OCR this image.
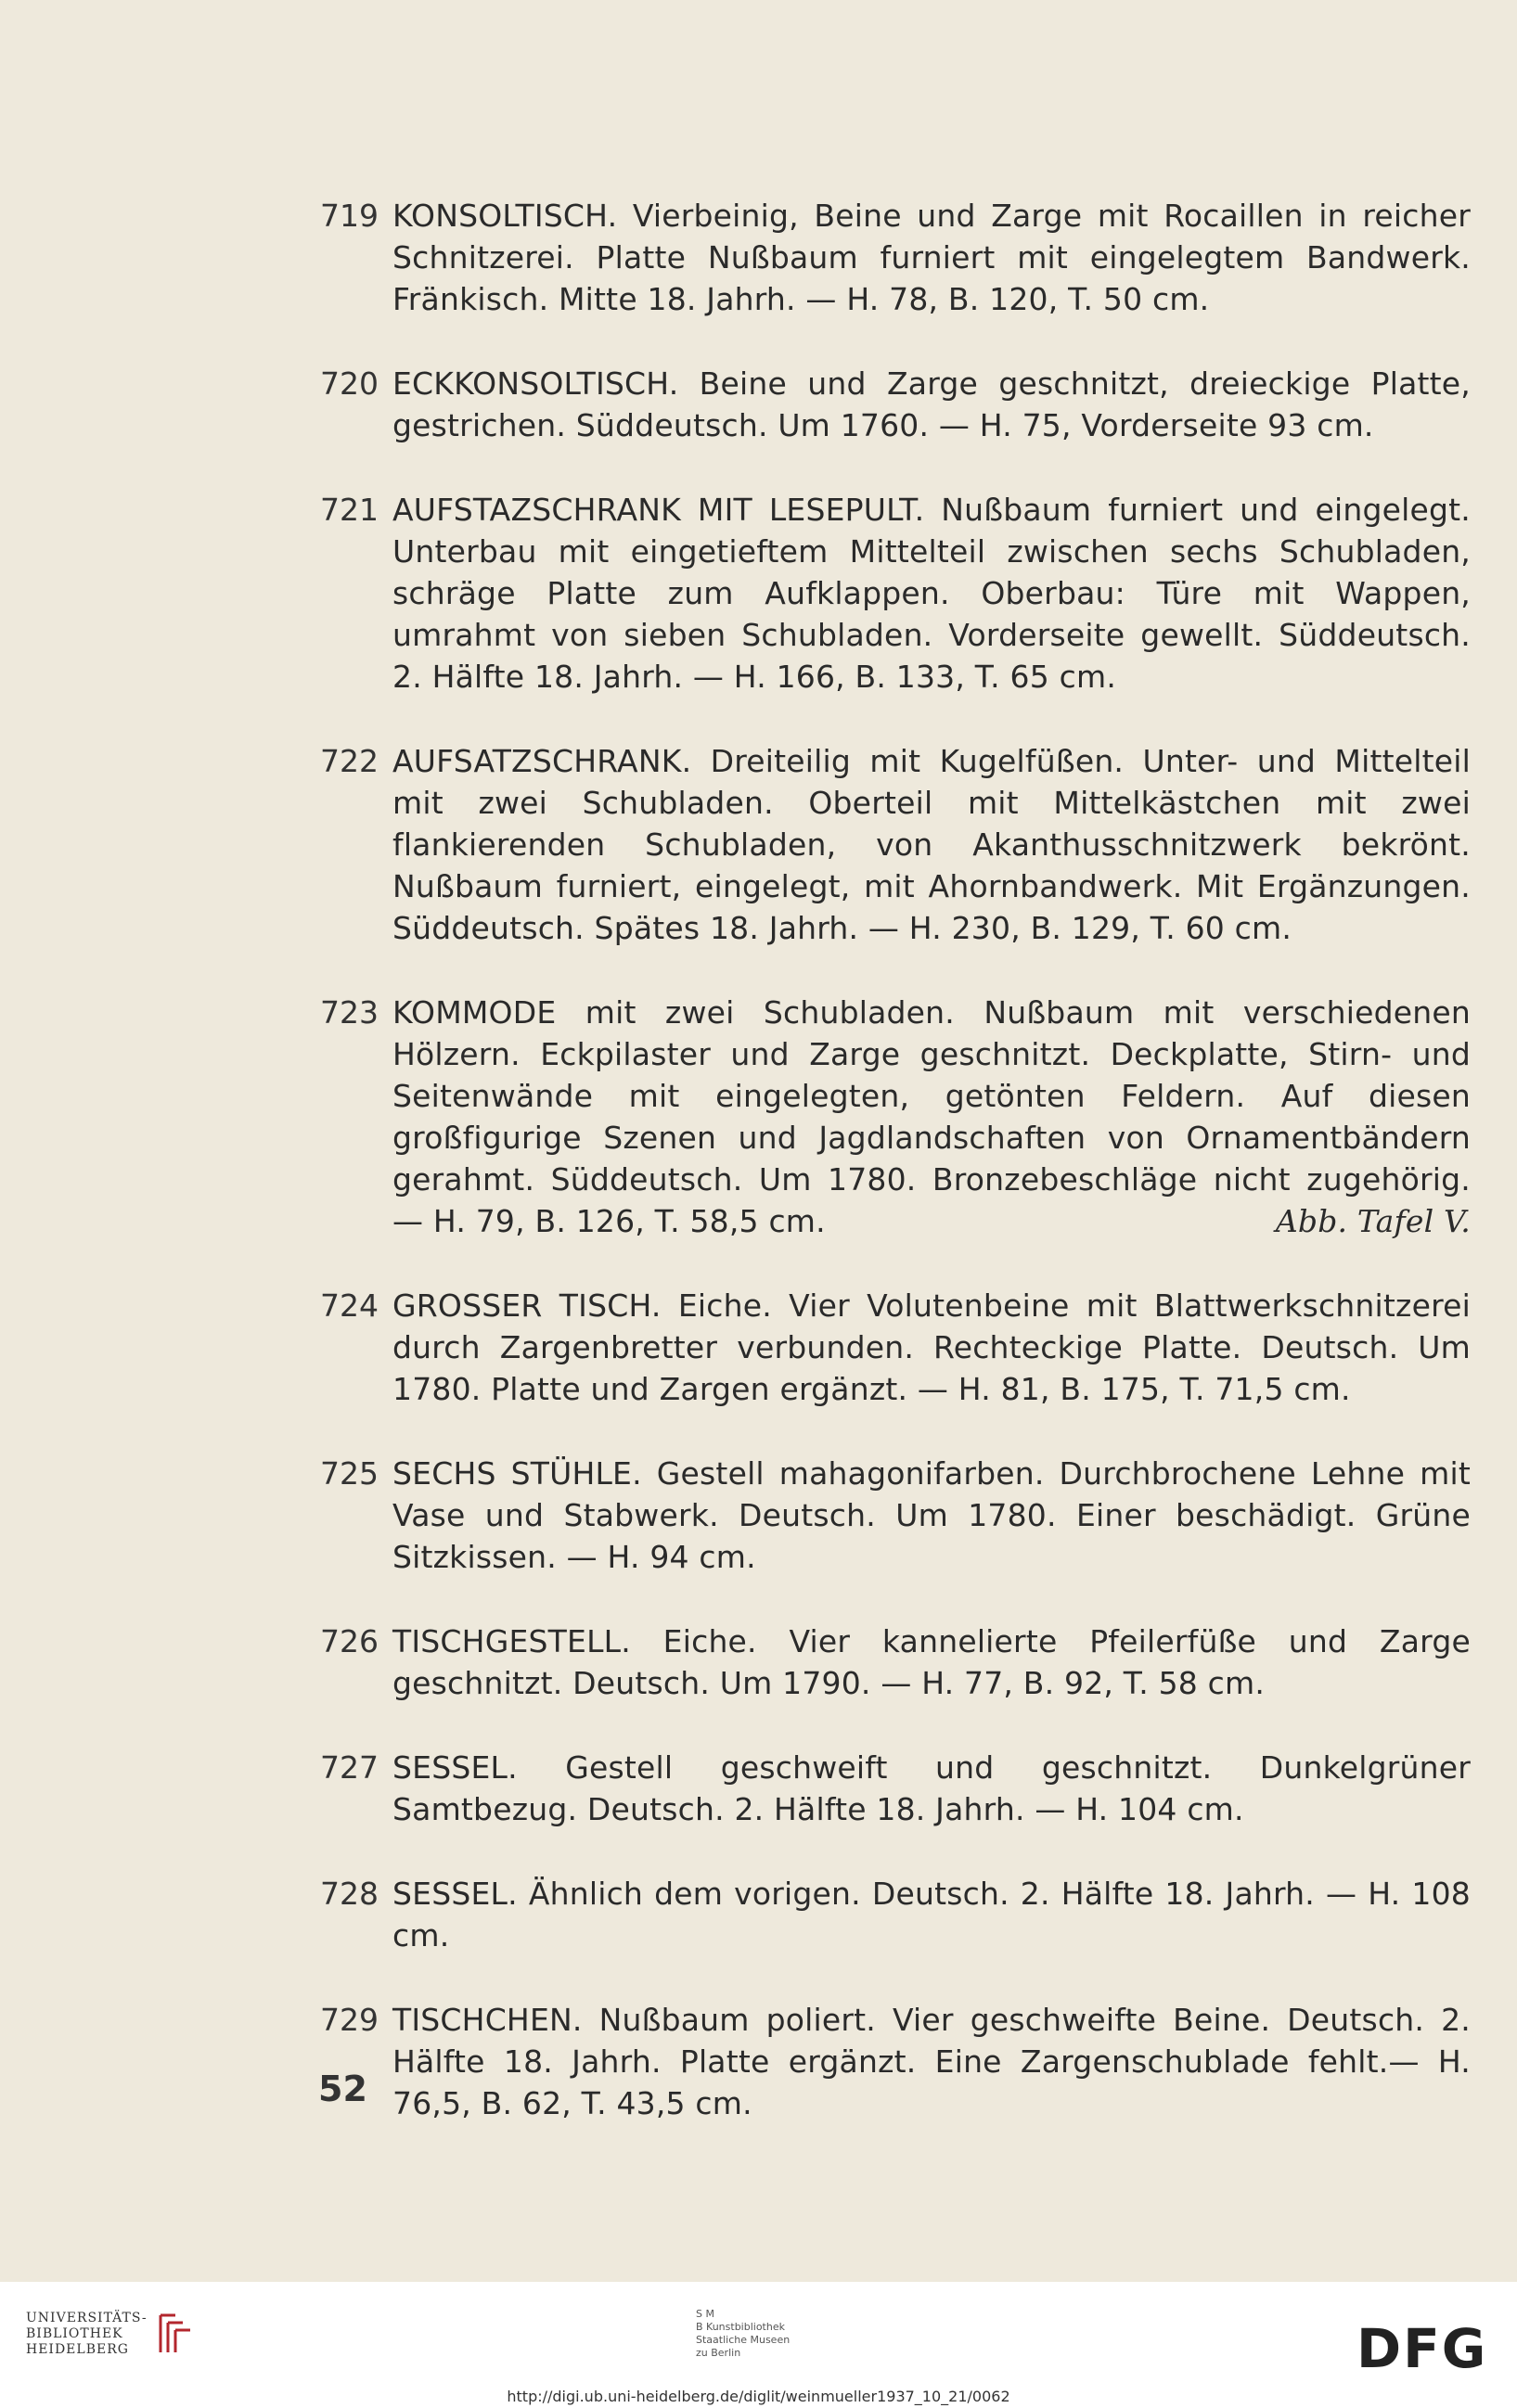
719 KONSOLTISCH. Vierbeinig, Beine und Zarge mit Rocaillen in reicher Schnitzerei. Platte Nußbaum furniert mit eingelegtem Bandwerk. Fränkisch. Mitte 18. Jahrh. — H. 78, B. 120, T. 50 cm.
720 ECKKONSOLTISCH. Beine und Zarge geschnitzt, dreieckige Platte, gestrichen. Süddeutsch. Um 1760. — H. 75, Vorderseite 93 cm.
721 AUFSTAZSCHRANK MIT LESEPULT. Nußbaum furniert und eingelegt. Unterbau mit eingetieftem Mittelteil zwischen sechs Schubladen, schräge Platte zum Aufklappen. Oberbau: Türe mit Wappen, umrahmt von sieben Schubladen. Vorderseite gewellt. Süddeutsch. 2. Hälfte 18. Jahrh. — H. 166, B. 133, T. 65 cm.
722 AUFSATZSCHRANK. Dreiteilig mit Kugelfüßen. Unter- und Mittelteil mit zwei Schubladen. Oberteil mit Mittelkästchen mit zwei flankierenden Schubladen, von Akanthusschnitzwerk bekrönt. Nußbaum furniert, eingelegt, mit Ahornbandwerk. Mit Ergänzungen. Süddeutsch. Spätes 18. Jahrh. — H. 230, B. 129, T. 60 cm.
723 KOMMODE mit zwei Schubladen. Nußbaum mit verschiedenen Hölzern. Eckpilaster und Zarge geschnitzt. Deckplatte, Stirn- und Seitenwände mit eingelegten, getönten Feldern. Auf diesen großfigurige Szenen und Jagdlandschaften von Ornamentbändern gerahmt. Süddeutsch. Um 1780. Bronzebeschläge nicht zugehörig. — H. 79, B. 126, T. 58,5 cm.	Abb. Tafel V.
724 GROSSER TISCH. Eiche. Vier Volutenbeine mit Blattwerkschnitzerei durch Zargenbretter verbunden. Rechteckige Platte. Deutsch. Um 1780. Platte und Zargen ergänzt. — H. 81, B. 175, T. 71,5 cm.
725 SECHS STÜHLE. Gestell mahagonifarben. Durchbrochene Lehne mit Vase und Stabwerk. Deutsch. Um 1780. Einer beschädigt. Grüne Sitzkissen. — H. 94 cm.
726 TISCHGESTELL. Eiche. Vier kannelierte Pfeilerfüße und Zarge geschnitzt. Deutsch. Um 1790. — H. 77, B. 92, T. 58 cm.
727 SESSEL. Gestell geschweift und geschnitzt. Dunkelgrüner Samtbezug. Deutsch. 2. Hälfte 18. Jahrh. — H. 104 cm.
728 SESSEL. Ähnlich dem vorigen. Deutsch. 2. Hälfte 18. Jahrh. — H. 108 cm.
729 TISCHCHEN. Nußbaum poliert. Vier geschweifte Beine. Deutsch. 2. Hälfte 18. Jahrh. Platte ergänzt. Eine Zargenschublade fehlt.— H. 76,5, B. 62, T. 43,5 cm.
52
UNIVERSITÄTS-
BIBLIOTHEK
HEIDELBERG
S M
B Kunstbibliothek
Staatliche Museen
zu Berlin	DFG
http://digi.ub.uni-heidelberg.de/diglit/weinmueller1937_10_21/0062
